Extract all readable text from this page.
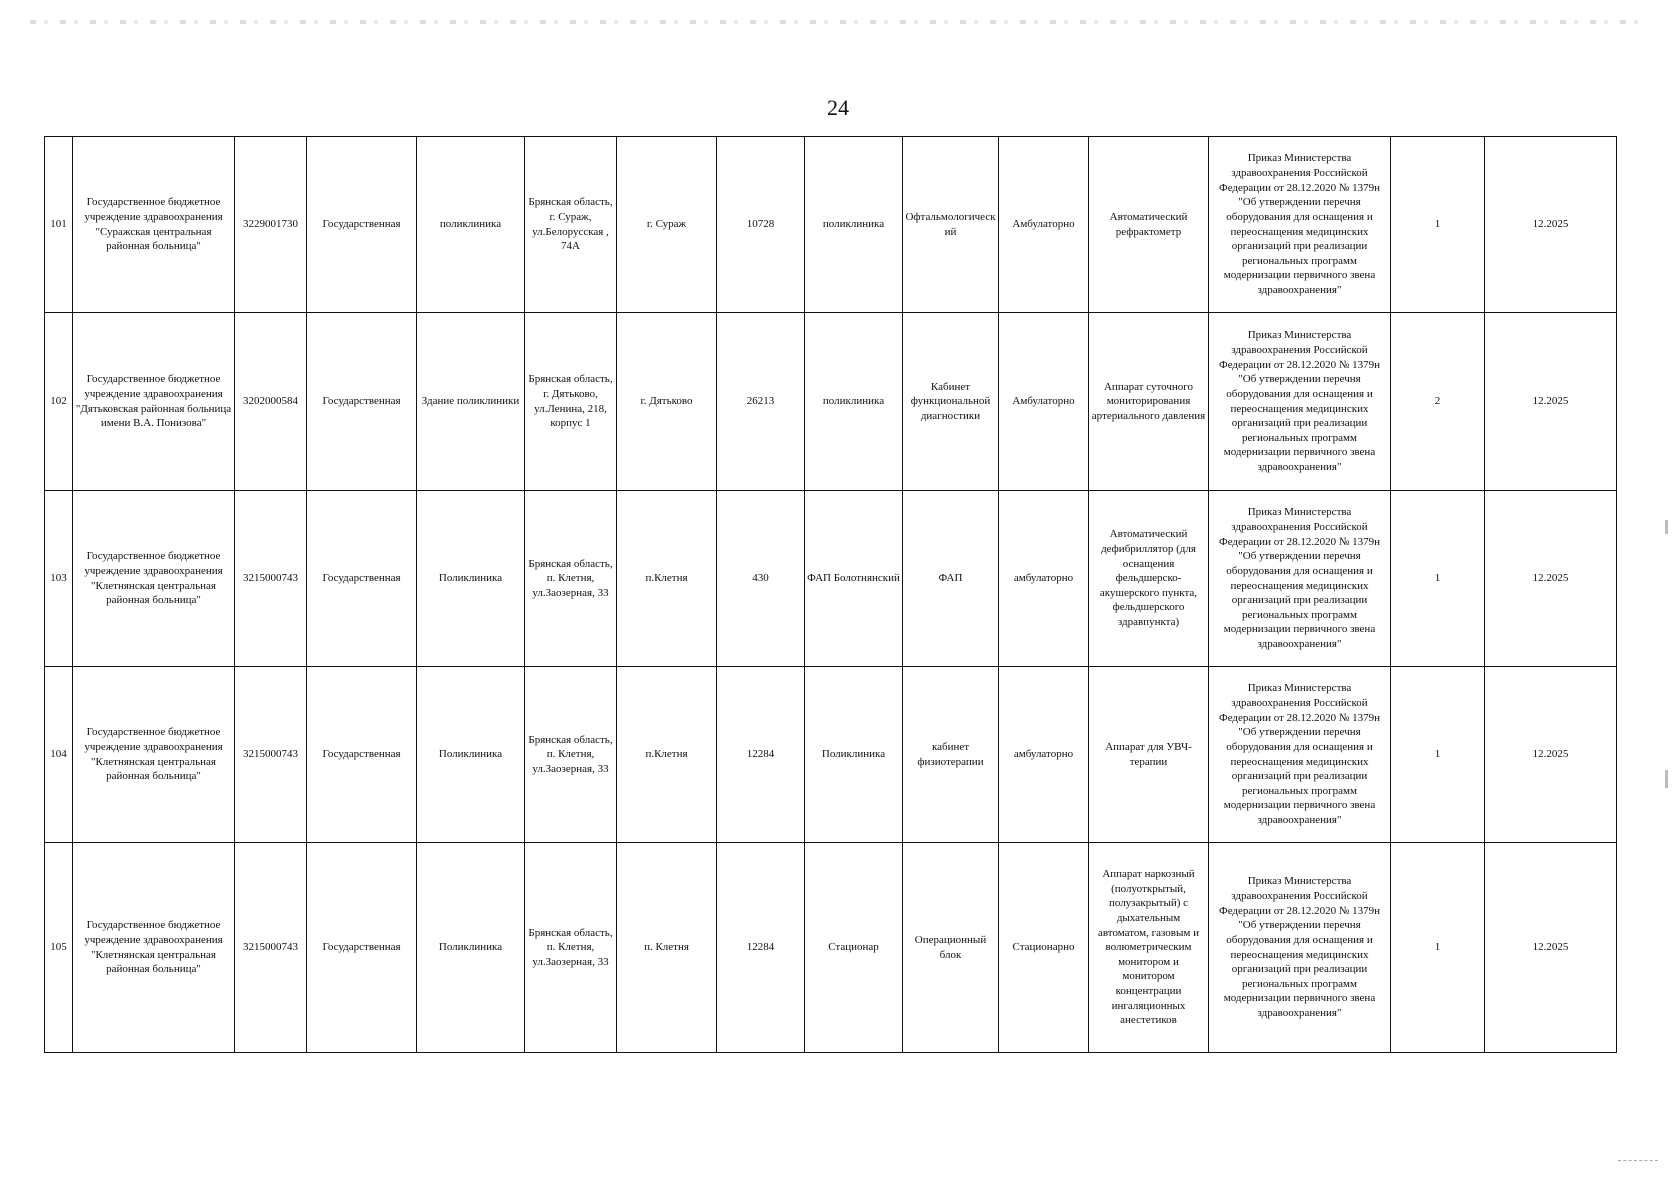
24
101	Государственное бюджетное учреждение здравоохранения "Суражская центральная районная больница"	3229001730	Государственная	поликлиника	Брянская область, г. Сураж, ул.Белорусская , 74А	г. Сураж	10728	поликлиника	Офтальмологический	Амбулаторно	Автоматический рефрактометр	Приказ Министерства здравоохранения Российской Федерации от 28.12.2020 № 1379н "Об утверждении перечня оборудования для оснащения и переоснащения медицинских организаций при реализации региональных программ модернизации первичного звена здравоохранения"	1	12.2025
102	Государственное бюджетное учреждение здравоохранения "Дятьковская районная больница имени В.А. Понизова"	3202000584	Государственная	Здание поликлиники	Брянская область, г. Дятьково, ул.Ленина, 218, корпус 1	г. Дятьково	26213	поликлиника	Кабинет функциональной диагностики	Амбулаторно	Аппарат суточного мониторирования артериального давления	Приказ Министерства здравоохранения Российской Федерации от 28.12.2020 № 1379н "Об утверждении перечня оборудования для оснащения и переоснащения медицинских организаций при реализации региональных программ модернизации первичного звена здравоохранения"	2	12.2025
103	Государственное бюджетное учреждение здравоохранения "Клетнянская центральная районная больница"	3215000743	Государственная	Поликлиника	Брянская область, п. Клетня, ул.Заозерная, 33	п.Клетня	430	ФАП Болотнянский	ФАП	амбулаторно	Автоматический дефибриллятор (для оснащения фельдшерско-акушерского пункта, фельдшерского здравпункта)	Приказ Министерства здравоохранения Российской Федерации от 28.12.2020 № 1379н "Об утверждении перечня оборудования для оснащения и переоснащения медицинских организаций при реализации региональных программ модернизации первичного звена здравоохранения"	1	12.2025
104	Государственное бюджетное учреждение здравоохранения "Клетнянская центральная районная больница"	3215000743	Государственная	Поликлиника	Брянская область, п. Клетня, ул.Заозерная, 33	п.Клетня	12284	Поликлиника	кабинет физиотерапии	амбулаторно	Аппарат для УВЧ-терапии	Приказ Министерства здравоохранения Российской Федерации от 28.12.2020 № 1379н "Об утверждении перечня оборудования для оснащения и переоснащения медицинских организаций при реализации региональных программ модернизации первичного звена здравоохранения"	1	12.2025
105	Государственное бюджетное учреждение здравоохранения "Клетнянская центральная районная больница"	3215000743	Государственная	Поликлиника	Брянская область, п. Клетня, ул.Заозерная, 33	п. Клетня	12284	Стационар	Операционный блок	Стационарно	Аппарат наркозный (полуоткрытый, полузакрытый) с дыхательным автоматом, газовым и волюметрическим монитором и монитором концентрации ингаляционных анестетиков	Приказ Министерства здравоохранения Российской Федерации от 28.12.2020 № 1379н "Об утверждении перечня оборудования для оснащения и переоснащения медицинских организаций при реализации региональных программ модернизации первичного звена здравоохранения"	1	12.2025
